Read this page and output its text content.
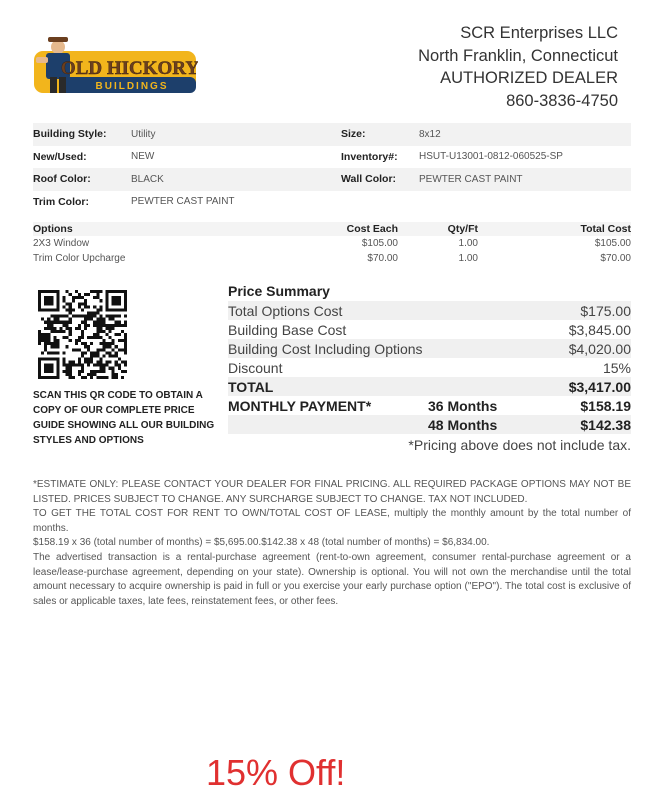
OLD HICKORY
BUILDINGS
SCR Enterprises LLC
North Franklin, Connecticut
AUTHORIZED DEALER
860-3836-4750
Building Style:	Utility	Size:	8x12
New/Used:	NEW	Inventory#:	HSUT-U13001-0812-060525-SP
Roof Color:	BLACK	Wall Color:	PEWTER CAST PAINT
Trim Color:	PEWTER CAST PAINT
Options	Cost Each	Qty/Ft	Total Cost
2X3 Window	$105.00	1.00	$105.00
Trim Color Upcharge	$70.00	1.00	$70.00
SCAN THIS QR CODE TO OBTAIN A COPY OF OUR COMPLETE PRICE GUIDE SHOWING ALL OUR BUILDING STYLES AND OPTIONS
Price Summary
Total Options Cost	$175.00
Building Base Cost	$3,845.00
Building Cost Including Options	$4,020.00
Discount	15%
TOTAL	$3,417.00
MONTHLY PAYMENT*	36 Months	$158.19
48 Months	$142.38
*Pricing above does not include tax.

*ESTIMATE ONLY: PLEASE CONTACT YOUR DEALER FOR FINAL PRICING. ALL REQUIRED PACKAGE OPTIONS MAY NOT BE LISTED. PRICES SUBJECT TO CHANGE. ANY SURCHARGE SUBJECT TO CHANGE. TAX NOT INCLUDED.

TO GET THE TOTAL COST FOR RENT TO OWN/TOTAL COST OF LEASE, multiply the monthly amount by the total number of months.

$158.19 x 36 (total number of months) = $5,695.00.$142.38 x 48 (total number of months) = $6,834.00.

The advertised transaction is a rental-purchase agreement (rent-to-own agreement, consumer rental-purchase agreement or a lease/lease-purchase agreement, depending on your state). Ownership is optional. You will not own the merchandise until the total amount necessary to acquire ownership is paid in full or you exercise your early purchase option ("EPO"). The total cost is exclusive of sales or applicable taxes, late fees, reinstatement fees, or other fees.

15% Off!
